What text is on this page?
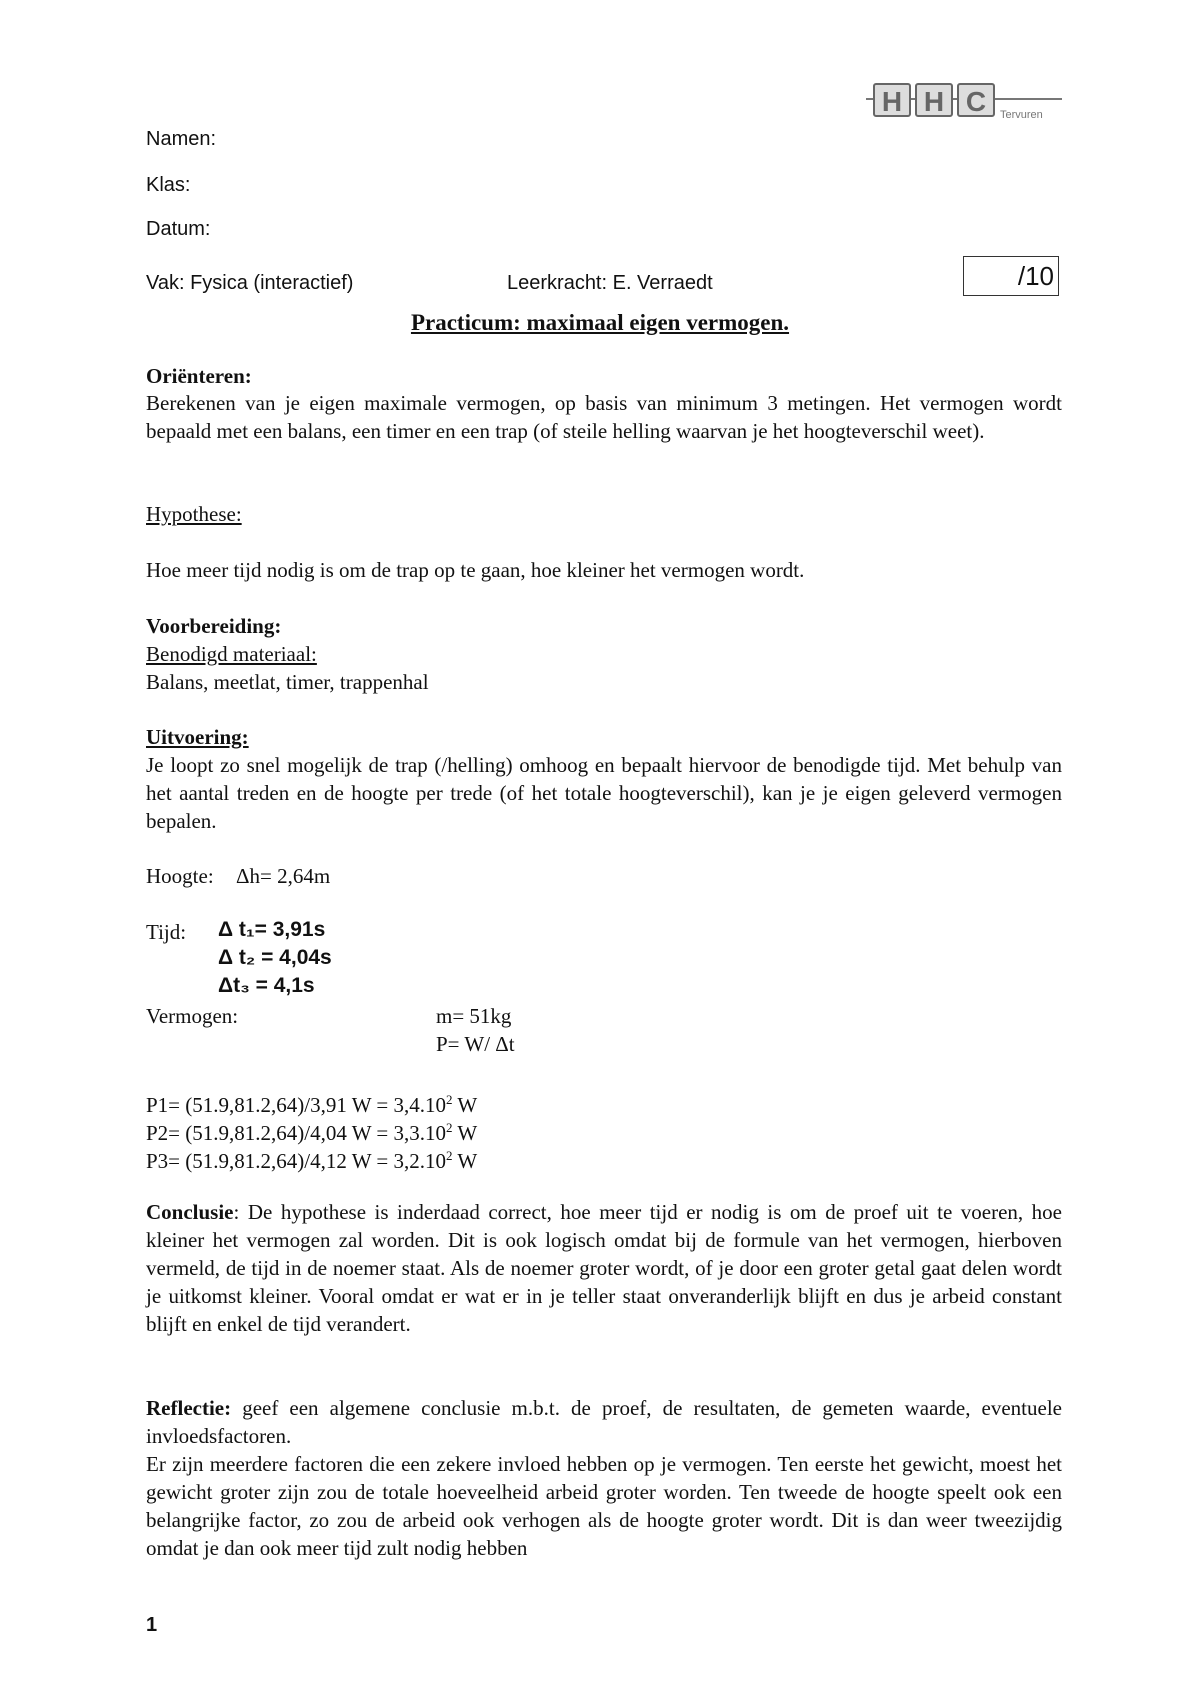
H H C Tervuren
Namen:
Klas:
Datum:
Vak: Fysica (interactief)	Leerkracht: E. Verraedt	/10
Practicum: maximaal eigen vermogen.
Oriënteren:
Berekenen van je eigen maximale vermogen, op basis van minimum 3 metingen. Het vermogen wordt bepaald met een balans, een timer en een trap (of steile helling waarvan je het hoogteverschil weet).
Hypothese:
Hoe meer tijd nodig is om de trap op te gaan, hoe kleiner het vermogen wordt.
Voorbereiding:
Benodigd materiaal:
Balans, meetlat, timer, trappenhal
Uitvoering:
Je loopt zo snel mogelijk de trap (/helling) omhoog en bepaalt hiervoor de benodigde tijd. Met behulp van het aantal treden en de hoogte per trede (of het totale hoogteverschil), kan je je eigen geleverd vermogen bepalen.
Hoogte: Δh= 2,64m
Tijd: Δ t₁= 3,91s
Δ t₂ = 4,04s
Δt₃ = 4,1s
Vermogen:	m= 51kg
P= W/ Δt
P1= (51.9,81.2,64)/3,91 $W = 3,4.10^2$ W
P2= (51.9,81.2,64)/4,04 $W = 3,3.10^2$ W
P3= (51.9,81.2,64)/4,12 $W = 3,2.10^2$ W
Conclusie: De hypothese is inderdaad correct, hoe meer tijd er nodig is om de proef uit te voeren, hoe kleiner het vermogen zal worden. Dit is ook logisch omdat bij de formule van het vermogen, hierboven vermeld, de tijd in de noemer staat. Als de noemer groter wordt, of je door een groter getal gaat delen wordt je uitkomst kleiner. Vooral omdat er wat er in je teller staat onveranderlijk blijft en dus je arbeid constant blijft en enkel de tijd verandert.
Reflectie: geef een algemene conclusie m.b.t. de proef, de resultaten, de gemeten waarde, eventuele invloedsfactoren.
Er zijn meerdere factoren die een zekere invloed hebben op je vermogen. Ten eerste het gewicht, moest het gewicht groter zijn zou de totale hoeveelheid arbeid groter worden. Ten tweede de hoogte speelt ook een belangrijke factor, zo zou de arbeid ook verhogen als de hoogte groter wordt. Dit is dan weer tweezijdig omdat je dan ook meer tijd zult nodig hebben
1
